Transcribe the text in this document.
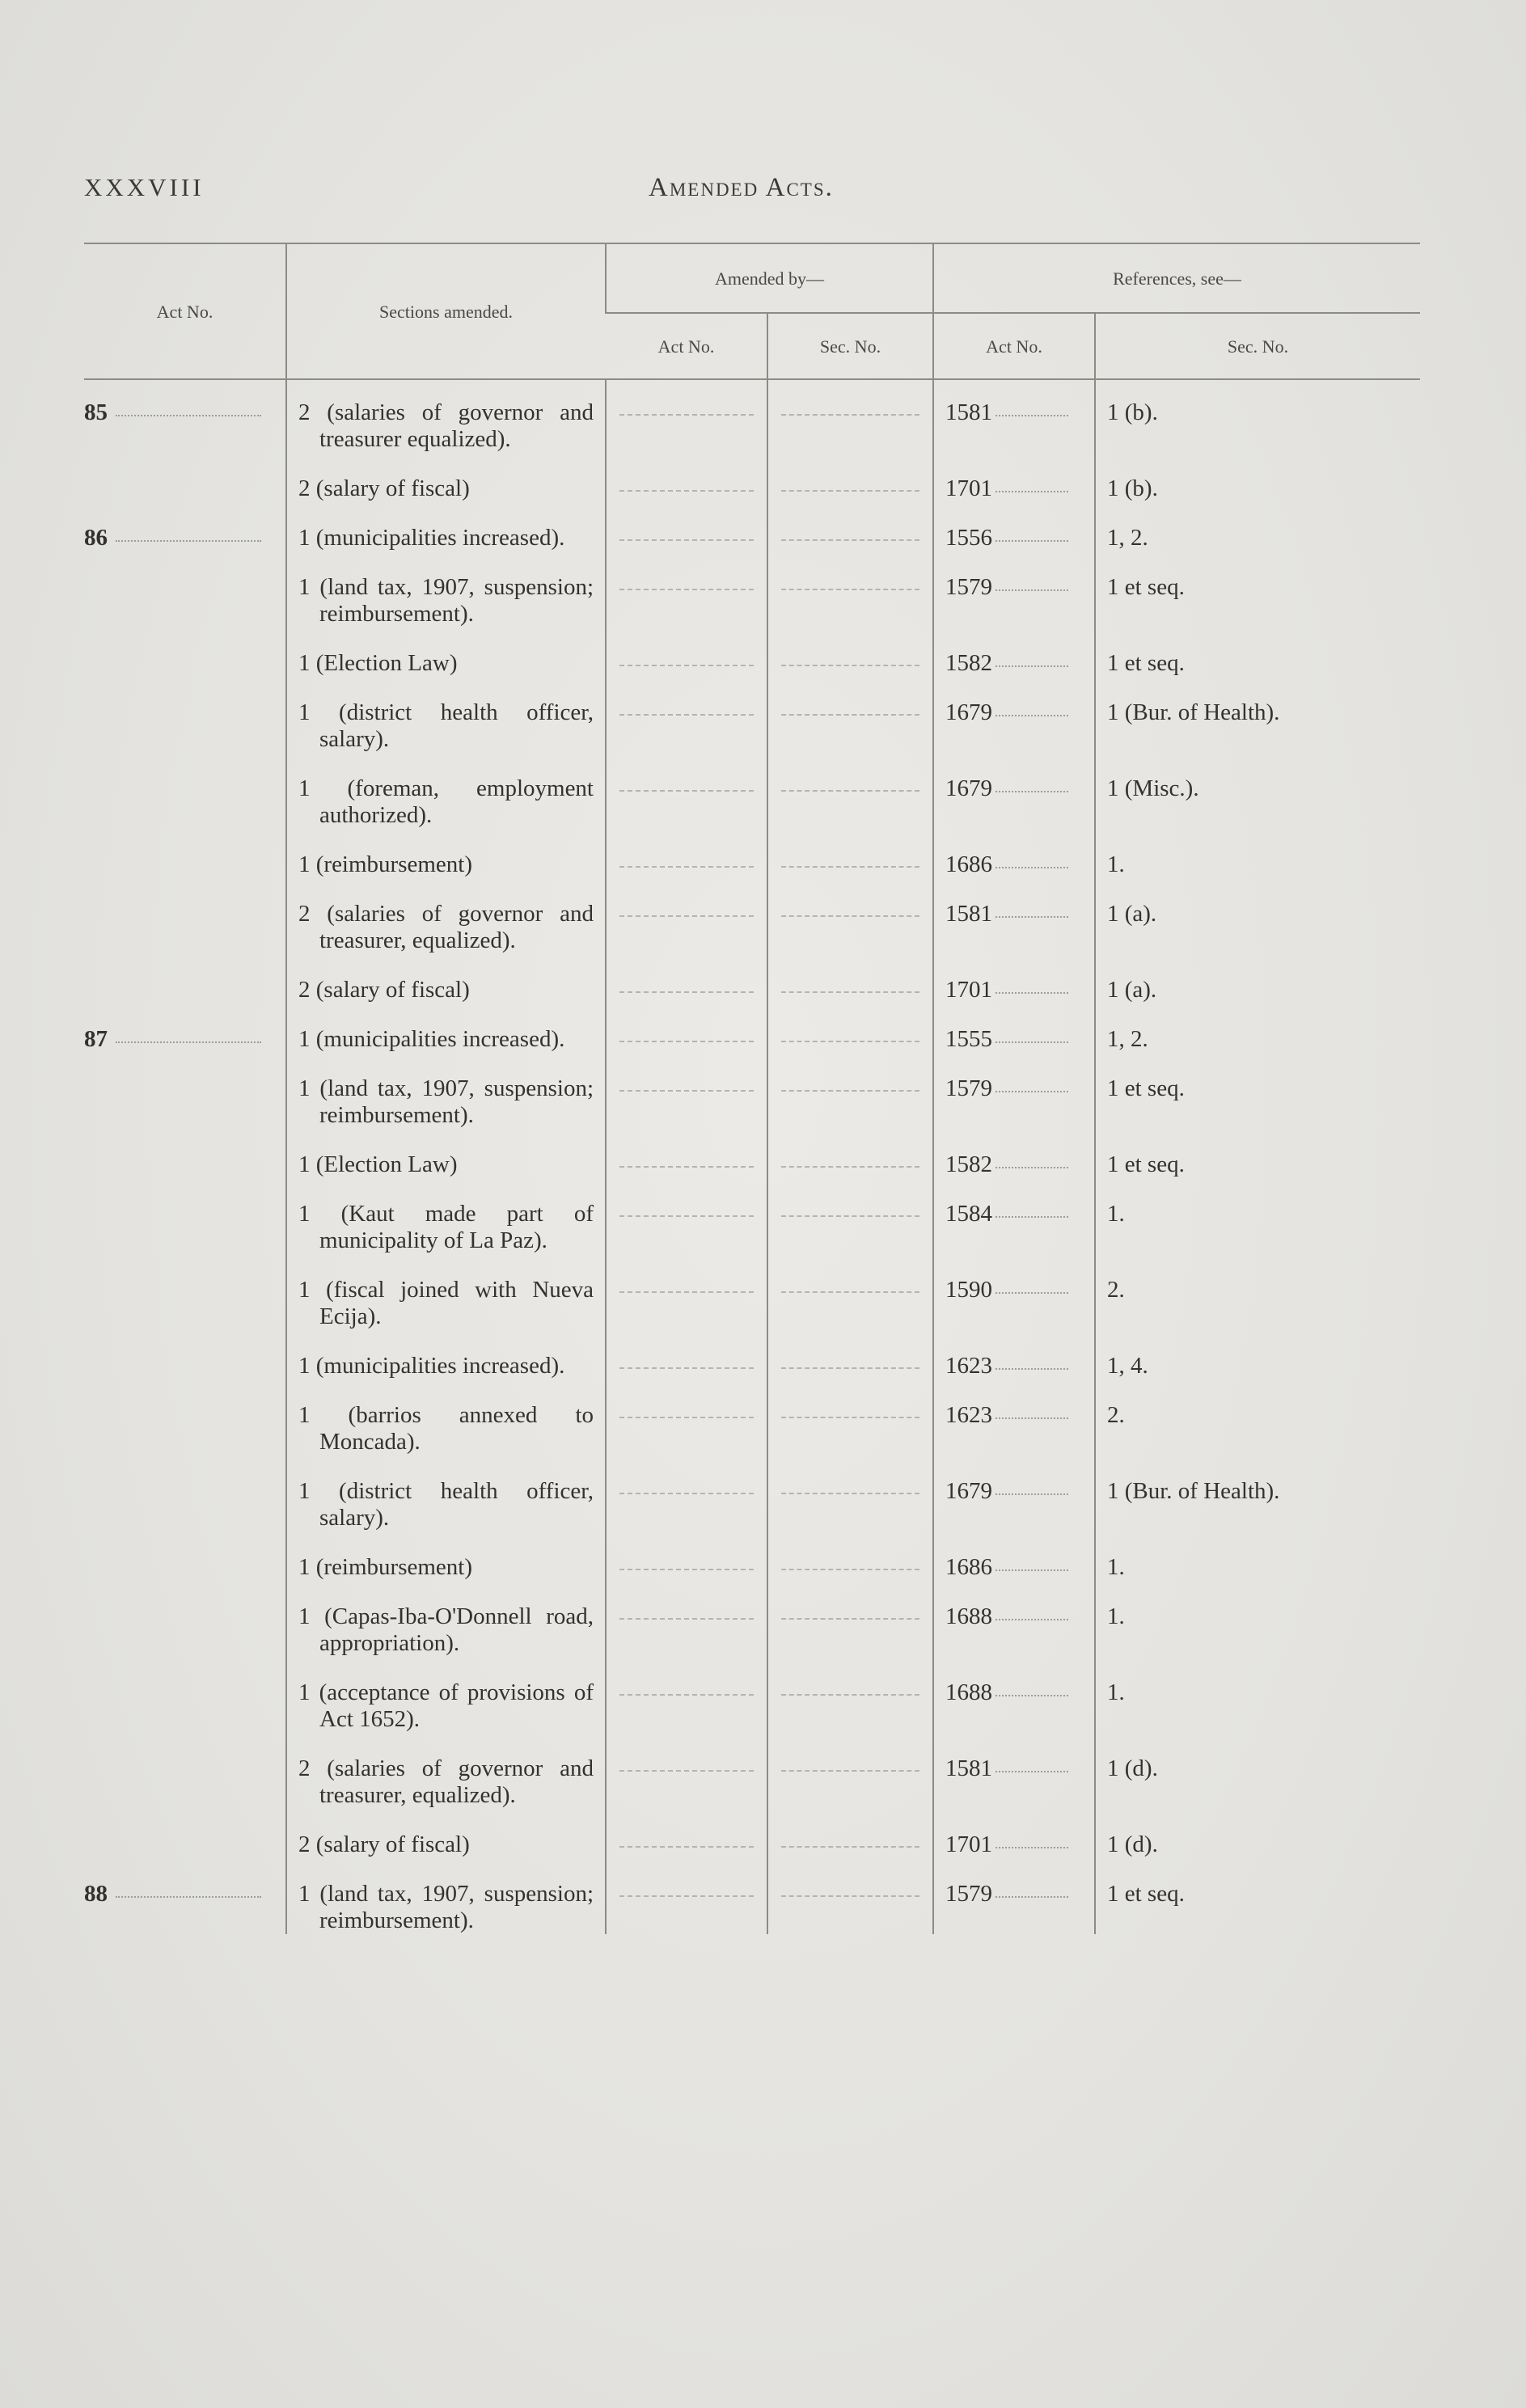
XXXVIII	Amended Acts.
Act No.	Sections amended.	Amended by—		References, see—	
		Act No.	Sec. No.	Act No.	Sec. No.
85	2 (salaries of governor and treasurer equalized).			1581	1 (b).

	2 (salary of fiscal)			1701	1 (b).
86	1 (municipalities increased).			1556	1, 2.

	1 (land tax, 1907, suspension; reimbursement).			1579	1 et seq.

	1 (Election Law)			1582	1 et seq.

	1 (district health officer, salary).			1679	1 (Bur. of Health).

	1 (foreman, employment authorized).			1679	1 (Misc.).

	1 (reimbursement)			1686	1.

	2 (salaries of governor and treasurer, equalized).			1581	1 (a).

	2 (salary of fiscal)			1701	1 (a).
87	1 (municipalities increased).			1555	1, 2.

	1 (land tax, 1907, suspension; reimbursement).			1579	1 et seq.

	1 (Election Law)			1582	1 et seq.

	1 (Kaut made part of municipality of La Paz).			1584	1.

	1 (fiscal joined with Nueva Ecija).			1590	2.

	1 (municipalities increased).			1623	1, 4.

	1 (barrios annexed to Moncada).			1623	2.

	1 (district health officer, salary).			1679	1 (Bur. of Health).

	1 (reimbursement)			1686	1.

	1 (Capas-Iba-O'Donnell road, appropriation).			1688	1.

	1 (acceptance of provisions of Act 1652).			1688	1.

	2 (salaries of governor and treasurer, equalized).			1581	1 (d).

	2 (salary of fiscal)			1701	1 (d).
88	1 (land tax, 1907, suspension; reimbursement).			1579	1 et seq.
